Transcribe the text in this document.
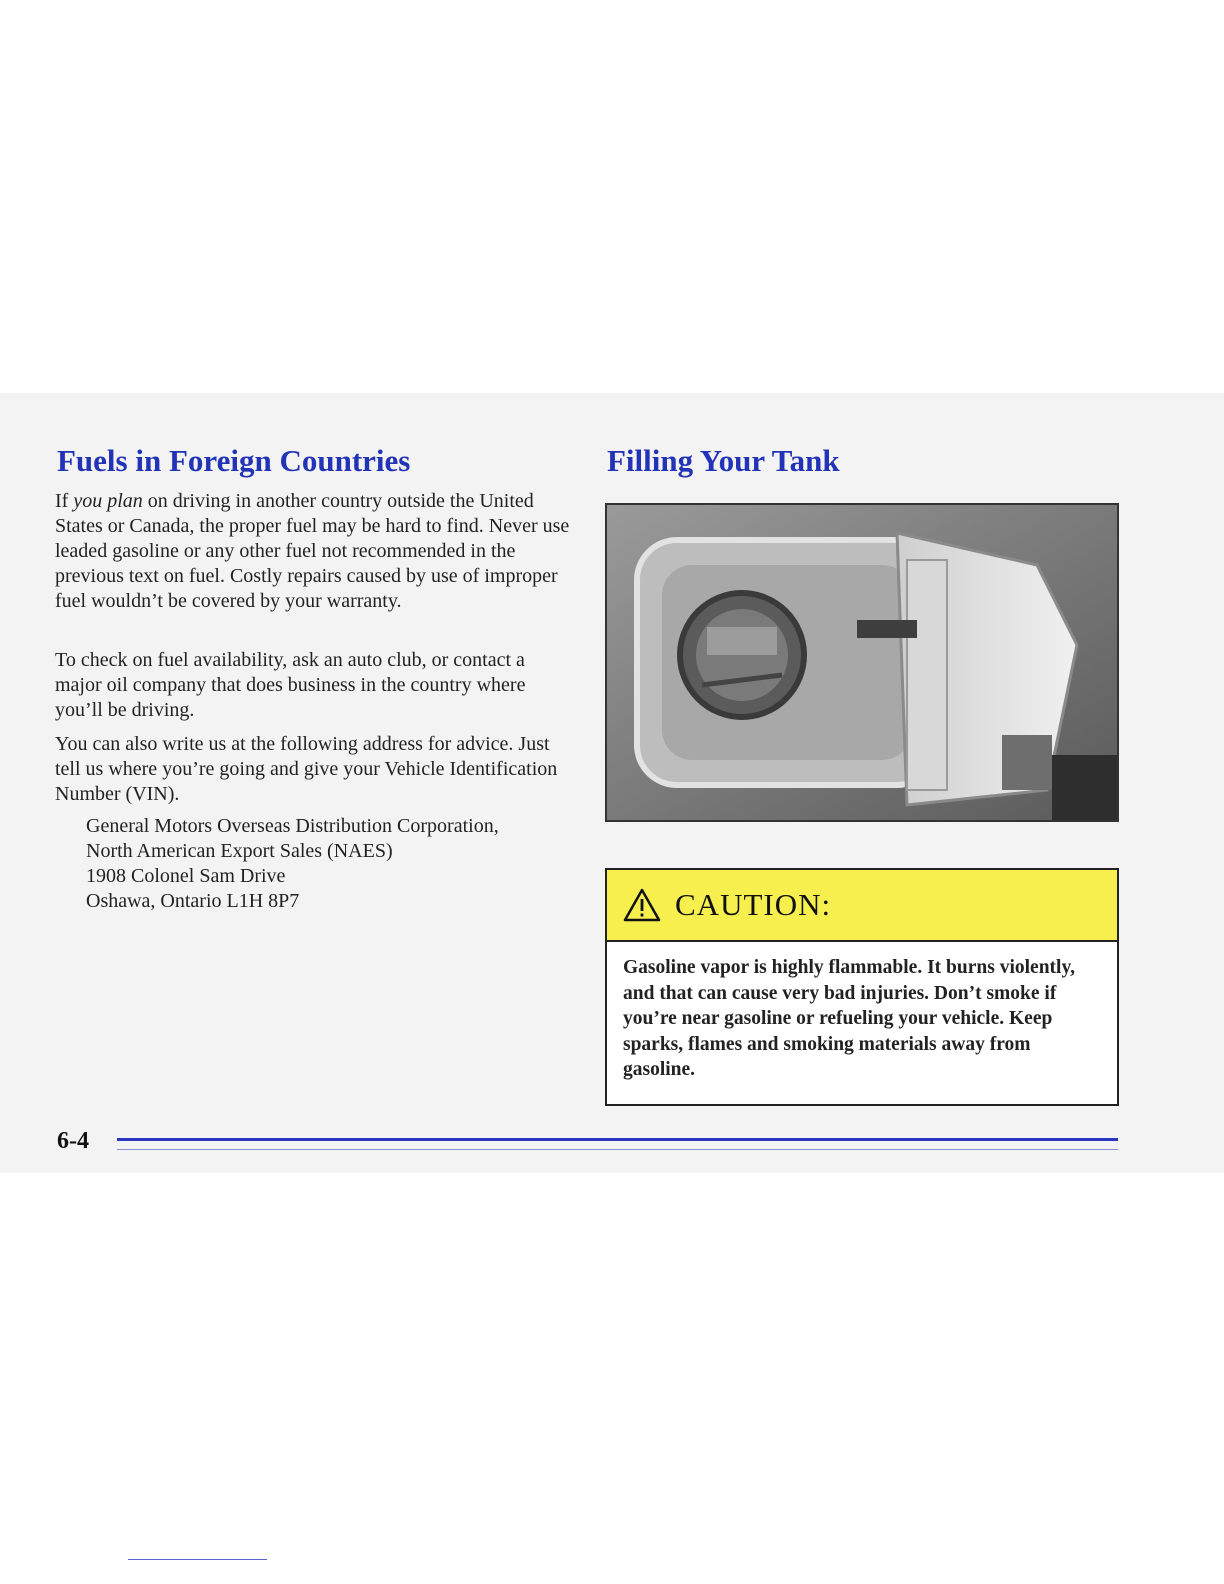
Fuels in Foreign Countries

If you plan on driving in another country outside the United States or Canada, the proper fuel may be hard to find. Never use leaded gasoline or any other fuel not recommended in the previous text on fuel. Costly repairs caused by use of improper fuel wouldn’t be covered by your warranty.

To check on fuel availability, ask an auto club, or contact a major oil company that does business in the country where you’ll be driving.

You can also write us at the following address for advice. Just tell us where you’re going and give your Vehicle Identification Number (VIN).

General Motors Overseas Distribution Corporation,
North American Export Sales (NAES)
1908 Colonel Sam Drive
Oshawa, Ontario L1H 8P7
Filling Your Tank
CAUTION:
Gasoline vapor is highly flammable. It burns violently, and that can cause very bad injuries. Don’t smoke if you’re near gasoline or refueling your vehicle. Keep sparks, flames and smoking materials away from gasoline.
6-4
